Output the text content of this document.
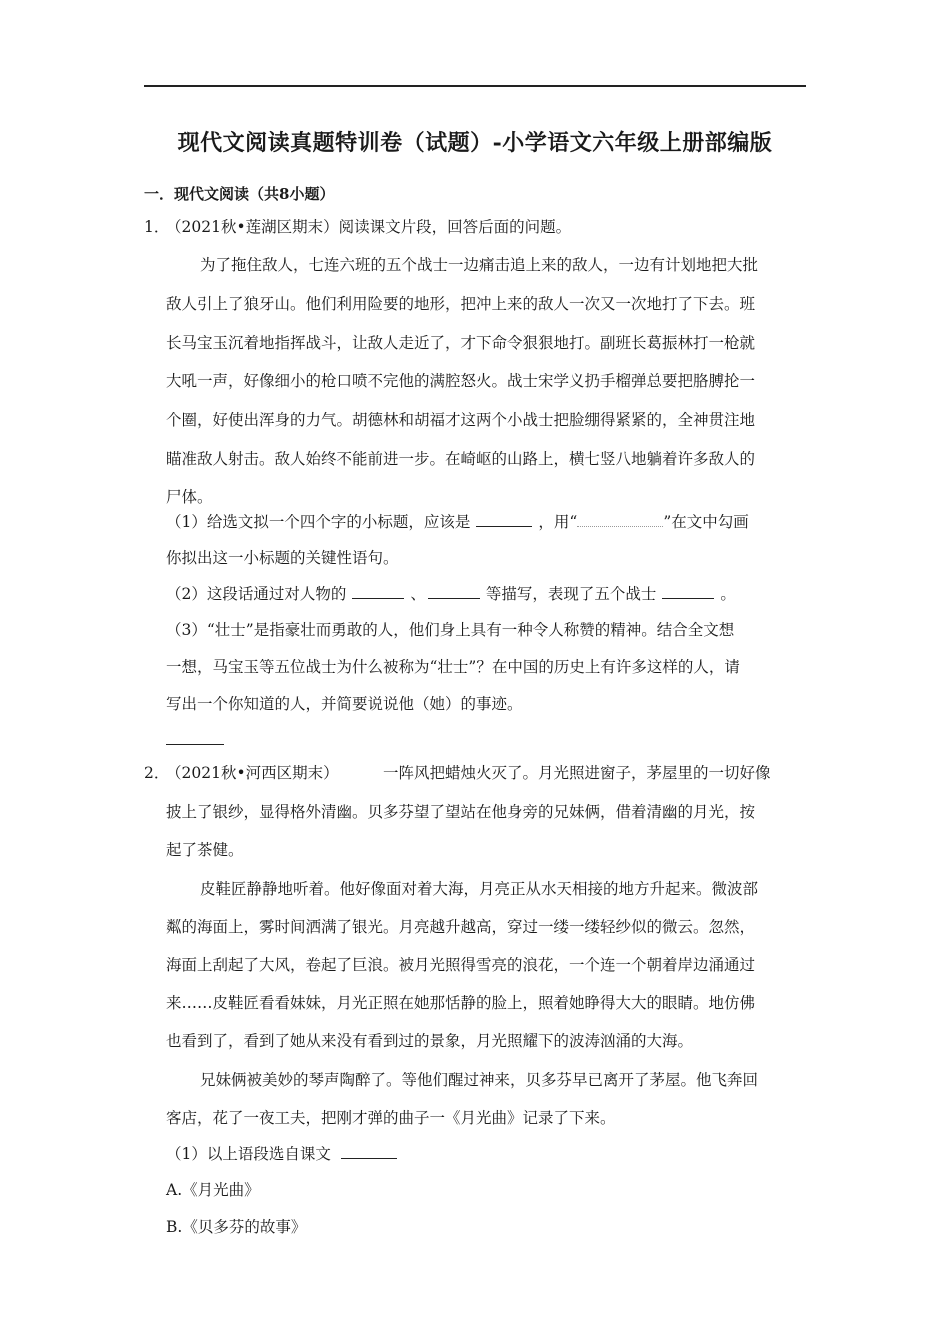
现代文阅读真题特训卷（试题）-小学语文六年级上册部编版
一．现代文阅读（共8小题）
1．
（2021秋•莲湖区期末）阅读课文片段，回答后面的问题。
为了拖住敌人，七连六班的五个战士一边痛击追上来的敌人，一边有计划地把大批
敌人引上了狼牙山。他们利用险要的地形，把冲上来的敌人一次又一次地打了下去。班
长马宝玉沉着地指挥战斗，让敌人走近了，才下命令狠狠地打。副班长葛振林打一枪就
大吼一声，好像细小的枪口喷不完他的满腔怒火。战士宋学义扔手榴弹总要把胳膊抡一
个圈，好使出浑身的力气。胡德林和胡福才这两个小战士把脸绷得紧紧的，全神贯注地
瞄准敌人射击。敌人始终不能前进一步。在崎岖的山路上，横七竖八地躺着许多敌人的
尸体。
（1）给选文拟一个四个字的小标题，应该是	，用“	”在文中勾画
你拟出这一小标题的关键性语句。
（2）这段话通过对人物的	、	等描写，表现了五个战士	。
（3）“壮士”是指豪壮而勇敢的人，他们身上具有一种令人称赞的精神。结合全文想
一想，马宝玉等五位战士为什么被称为“壮士”？在中国的历史上有许多这样的人，请
写出一个你知道的人，并简要说说他（她）的事迹。
2．
（2021秋•河西区期末）	一阵风把蜡烛火灭了。月光照进窗子，茅屋里的一切好像
披上了银纱，显得格外清幽。贝多芬望了望站在他身旁的兄妹俩，借着清幽的月光，按
起了茶健。
皮鞋匠静静地听着。他好像面对着大海，月亮正从水天相接的地方升起来。微波部
粼的海面上，雾时间洒满了银光。月亮越升越高，穿过一缕一缕轻纱似的微云。忽然，
海面上刮起了大风，卷起了巨浪。被月光照得雪亮的浪花，一个连一个朝着岸边涌通过
来……皮鞋匠看看妹妹，月光正照在她那恬静的脸上，照着她睁得大大的眼睛。地仿佛
也看到了，看到了她从来没有看到过的景象，月光照耀下的波涛汹涌的大海。
兄妹俩被美妙的琴声陶醉了。等他们醒过神来，贝多芬早已离开了茅屋。他飞奔回
客店，花了一夜工夫，把刚才弹的曲子一《月光曲》记录了下来。
（1）以上语段选自课文
A.《月光曲》
B.《贝多芬的故事》
